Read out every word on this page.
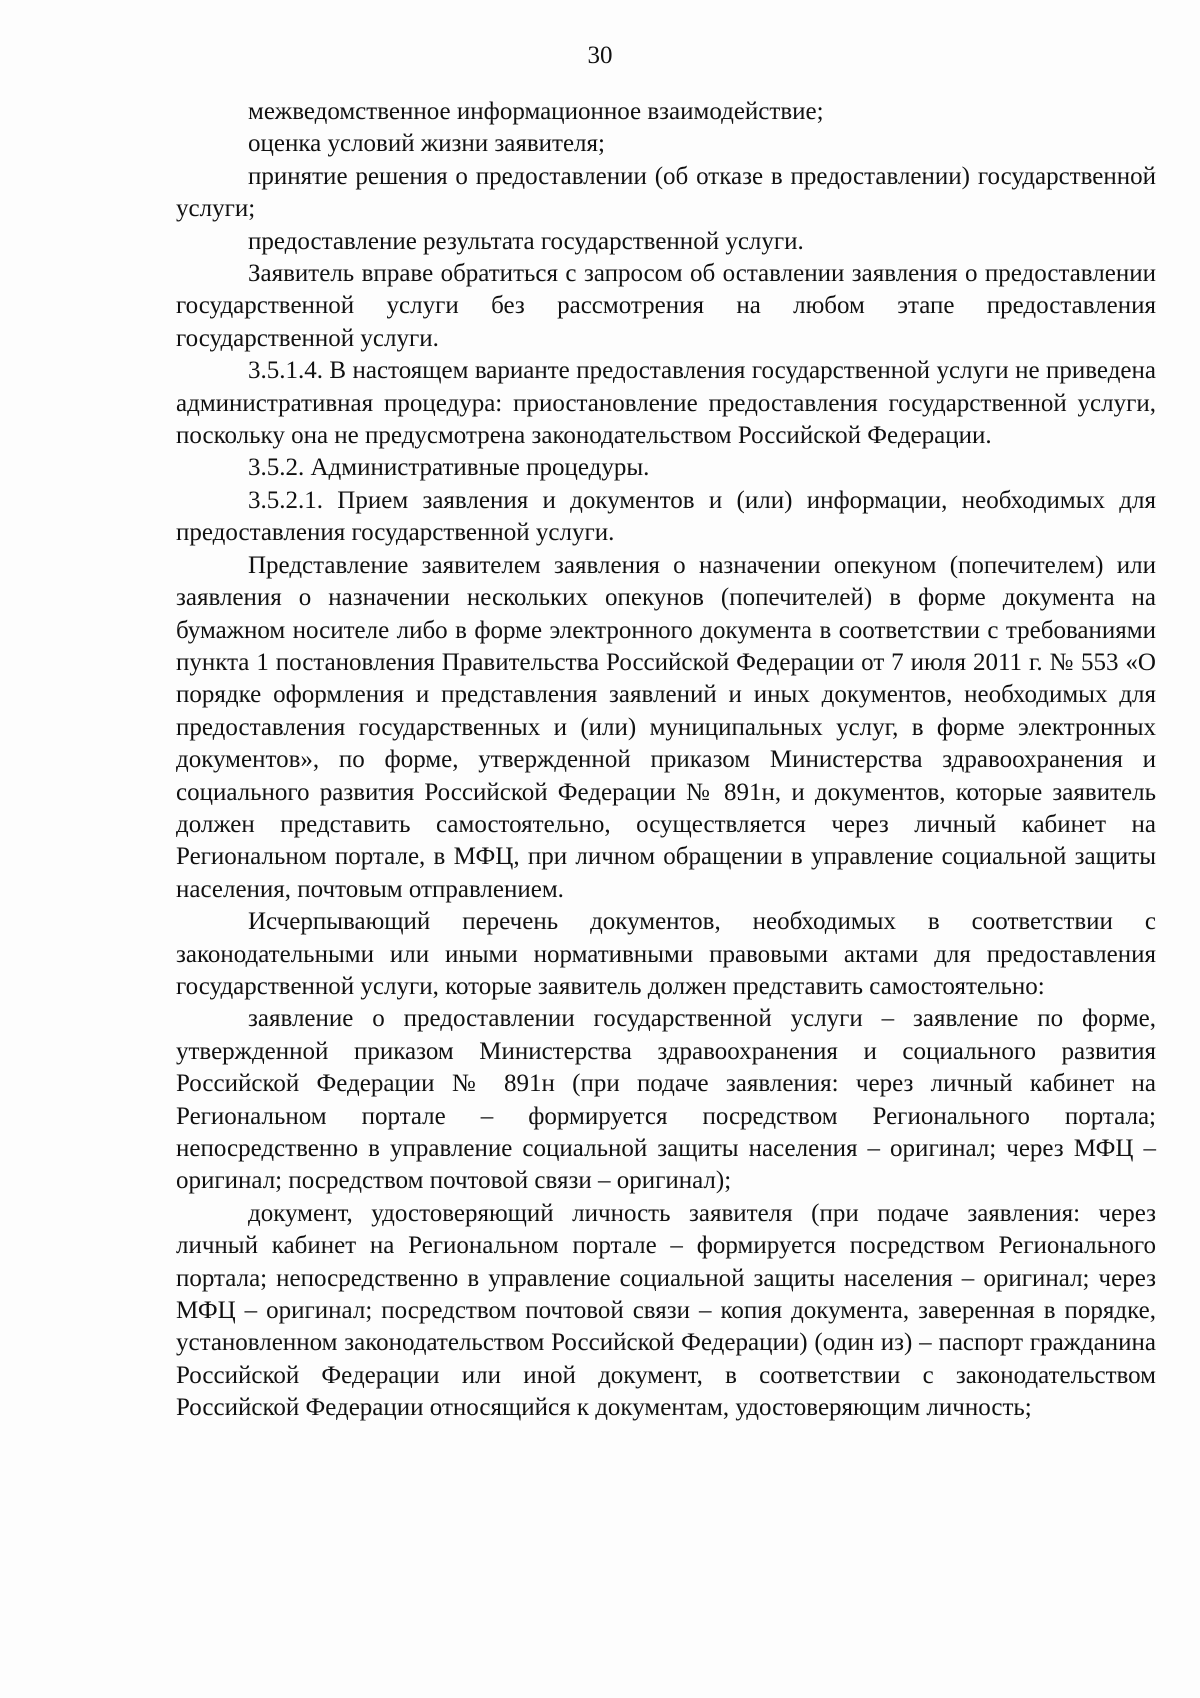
30

межведомственное информационное взаимодействие;

оценка условий жизни заявителя;

принятие решения о предоставлении (об отказе в предоставлении) государственной услуги;

предоставление результата государственной услуги.

Заявитель вправе обратиться с запросом об оставлении заявления о предоставлении государственной услуги без рассмотрения на любом этапе предоставления государственной услуги.

3.5.1.4. В настоящем варианте предоставления государственной услуги не приведена административная процедура: приостановление предоставления государственной услуги, поскольку она не предусмотрена законодательством Российской Федерации.

3.5.2. Административные процедуры.

3.5.2.1. Прием заявления и документов и (или) информации, необходимых для предоставления государственной услуги.

Представление заявителем заявления о назначении опекуном (попечителем) или заявления о назначении нескольких опекунов (попечителей) в форме документа на бумажном носителе либо в форме электронного документа в соответствии с требованиями пункта 1 постановления Правительства Российской Федерации от 7 июля 2011 г. № 553 «О порядке оформления и представления заявлений и иных документов, необходимых для предоставления государственных и (или) муниципальных услуг, в форме электронных документов», по форме, утвержденной приказом Министерства здравоохранения и социального развития Российской Федерации № 891н, и документов, которые заявитель должен представить самостоятельно, осуществляется через личный кабинет на Региональном портале, в МФЦ, при личном обращении в управление социальной защиты населения, почтовым отправлением.

Исчерпывающий перечень документов, необходимых в соответствии с законодательными или иными нормативными правовыми актами для предоставления государственной услуги, которые заявитель должен представить самостоятельно:

заявление о предоставлении государственной услуги – заявление по форме, утвержденной приказом Министерства здравоохранения и социального развития Российской Федерации № 891н (при подаче заявления: через личный кабинет на Региональном портале – формируется посредством Регионального портала; непосредственно в управление социальной защиты населения – оригинал; через МФЦ – оригинал; посредством почтовой связи – оригинал);

документ, удостоверяющий личность заявителя (при подаче заявления: через личный кабинет на Региональном портале – формируется посредством Регионального портала; непосредственно в управление социальной защиты населения – оригинал; через МФЦ – оригинал; посредством почтовой связи – копия документа, заверенная в порядке, установленном законодательством Российской Федерации) (один из) – паспорт гражданина Российской Федерации или иной документ, в соответствии с законодательством Российской Федерации относящийся к документам, удостоверяющим личность;
